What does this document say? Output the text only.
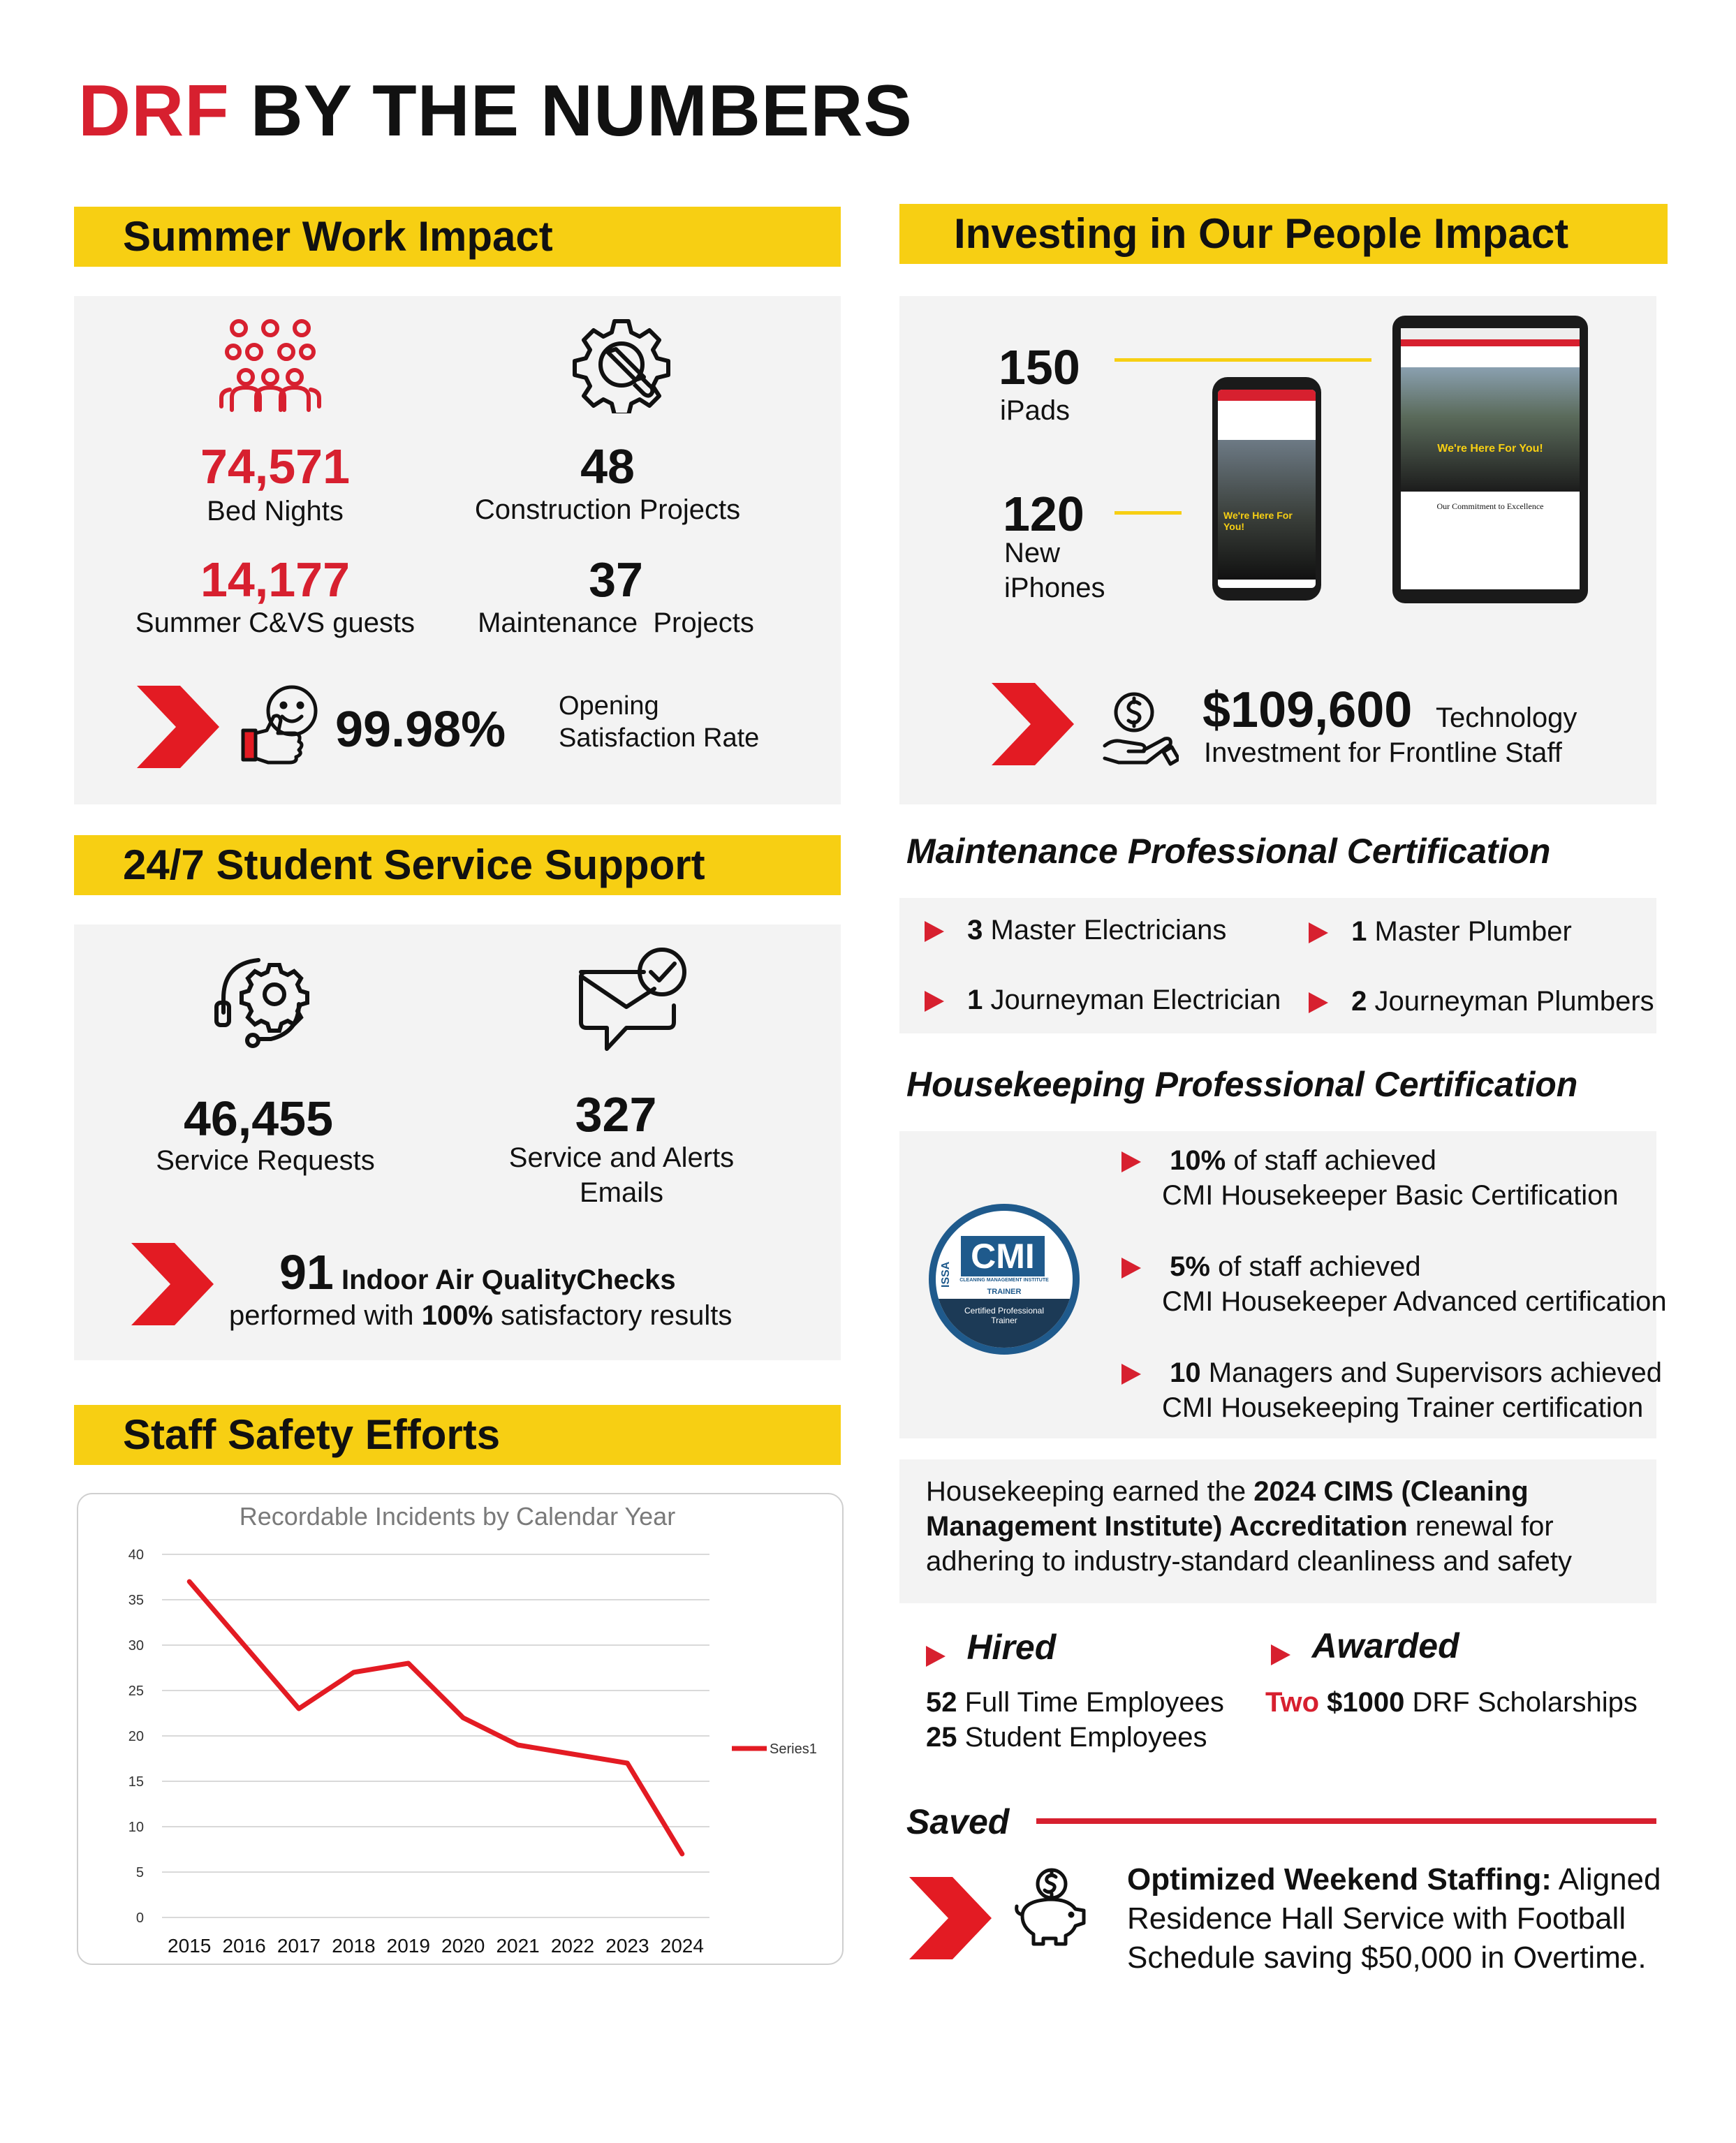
DRF BY THE NUMBERS
Summer Work Impact
74,571
Bed Nights
48
Construction Projects
14,177
Summer C&VS guests
37
Maintenance  Projects
99.98% Opening
Satisfaction Rate
24/7 Student Service Support
46,455
Service Requests
327
Service and Alerts
Emails
91 Indoor Air QualityChecks
performed with 100% satisfactory results
Staff Safety Efforts
Recordable Incidents by Calendar Year
0
5
10
15
20
25
30
35
40
2015 2016 2017 2018 2019 2020 2021 2022 2023 2024
Series1
Investing in Our People Impact
150
iPads
120
New
iPhones
We're Here For You!
We're Here For You!
Our Commitment to Excellence
$109,600 Technology
Investment for Frontline Staff
Maintenance Professional Certification
3 Master Electricians	1 Master Plumber
1 Journeyman Electrician	2 Journeyman Plumbers
Housekeeping Professional Certification
ISSA CMI
CLEANING MANAGEMENT INSTITUTE
TRAINER
Certified Professional
Trainer
10% of staff achieved
CMI Housekeeper Basic Certification
5% of staff achieved
CMI Housekeeper Advanced certification
10 Managers and Supervisors achieved
CMI Housekeeping Trainer certification
Housekeeping earned the 2024 CIMS (Cleaning
Management Institute) Accreditation renewal for
adhering to industry-standard cleanliness and safety
Hired
52 Full Time Employees
25 Student Employees
Awarded
Two $1000 DRF Scholarships
Saved
Optimized Weekend Staffing: Aligned
Residence Hall Service with Football
Schedule saving $50,000 in Overtime.
